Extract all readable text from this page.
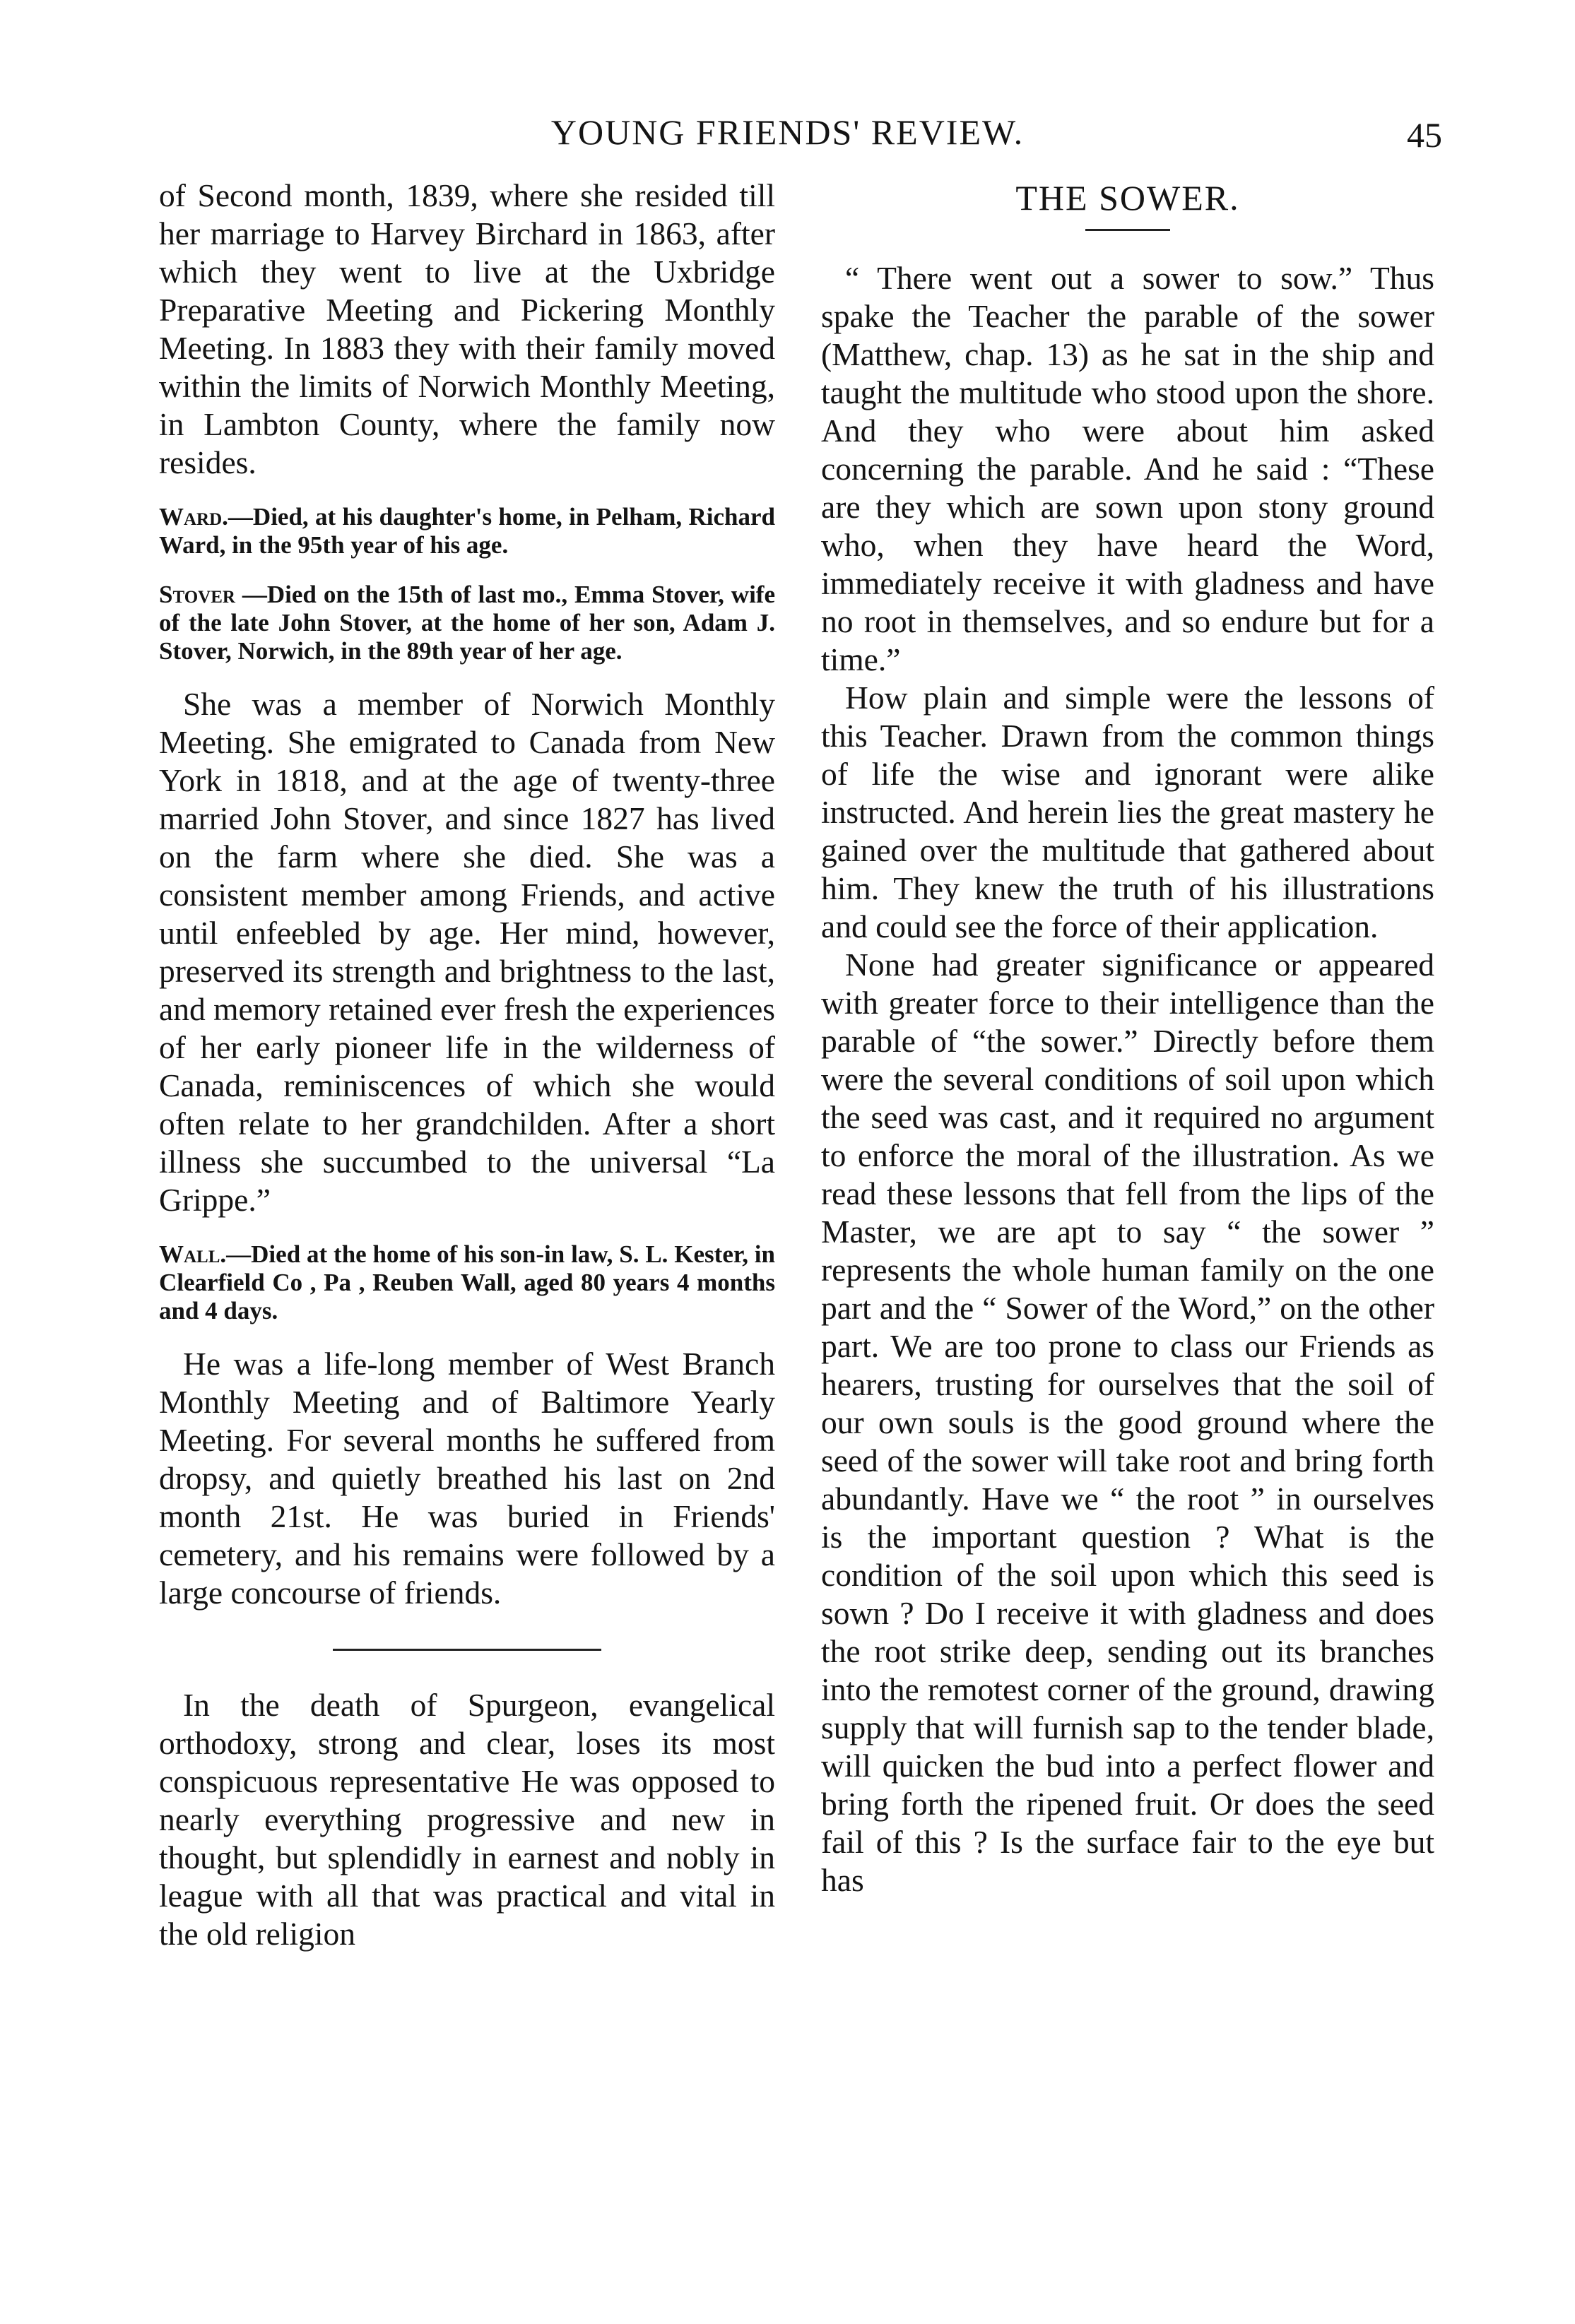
YOUNG FRIENDS' REVIEW.	45

of Second month, 1839, where she resided till her marriage to Harvey Birchard in 1863, after which they went to live at the Uxbridge Preparative Meeting and Pickering Monthly Meeting. In 1883 they with their family moved within the limits of Norwich Monthly Meeting, in Lambton County, where the family now resides.

Ward.—Died, at his daughter's home, in Pelham, Richard Ward, in the 95th year of his age.

Stover —Died on the 15th of last mo., Emma Stover, wife of the late John Stover, at the home of her son, Adam J. Stover, Norwich, in the 89th year of her age.

She was a member of Norwich Monthly Meeting. She emigrated to Canada from New York in 1818, and at the age of twenty-three married John Stover, and since 1827 has lived on the farm where she died. She was a consistent member among Friends, and active until enfeebled by age. Her mind, however, preserved its strength and brightness to the last, and memory retained ever fresh the experiences of her early pioneer life in the wilderness of Canada, reminiscences of which she would often relate to her grandchilden. After a short illness she succumbed to the universal “La Grippe.”

Wall.—Died at the home of his son-in law, S. L. Kester, in Clearfield Co , Pa , Reuben Wall, aged 80 years 4 months and 4 days.

He was a life-long member of West Branch Monthly Meeting and of Baltimore Yearly Meeting. For several months he suffered from dropsy, and quietly breathed his last on 2nd month 21st. He was buried in Friends' cemetery, and his remains were followed by a large concourse of friends.

In the death of Spurgeon, evangelical orthodoxy, strong and clear, loses its most conspicuous representative He was opposed to nearly everything progressive and new in thought, but splendidly in earnest and nobly in league with all that was practical and vital in the old religion

THE SOWER.

“ There went out a sower to sow.” Thus spake the Teacher the parable of the sower (Matthew, chap. 13) as he sat in the ship and taught the multitude who stood upon the shore. And they who were about him asked concerning the parable. And he said : “These are they which are sown upon stony ground who, when they have heard the Word, immediately receive it with gladness and have no root in themselves, and so endure but for a time.”

How plain and simple were the lessons of this Teacher. Drawn from the common things of life the wise and ignorant were alike instructed. And herein lies the great mastery he gained over the multitude that gathered about him. They knew the truth of his illustrations and could see the force of their application.

None had greater significance or appeared with greater force to their intelligence than the parable of “the sower.” Directly before them were the several conditions of soil upon which the seed was cast, and it required no argument to enforce the moral of the illustration. As we read these lessons that fell from the lips of the Master, we are apt to say “ the sower ” represents the whole human family on the one part and the “ Sower of the Word,” on the other part. We are too prone to class our Friends as hearers, trusting for ourselves that the soil of our own souls is the good ground where the seed of the sower will take root and bring forth abundantly. Have we “ the root ” in ourselves is the important question ? What is the condition of the soil upon which this seed is sown ? Do I receive it with gladness and does the root strike deep, sending out its branches into the remotest corner of the ground, drawing supply that will furnish sap to the tender blade, will quicken the bud into a perfect flower and bring forth the ripened fruit. Or does the seed fail of this ? Is the surface fair to the eye but has
